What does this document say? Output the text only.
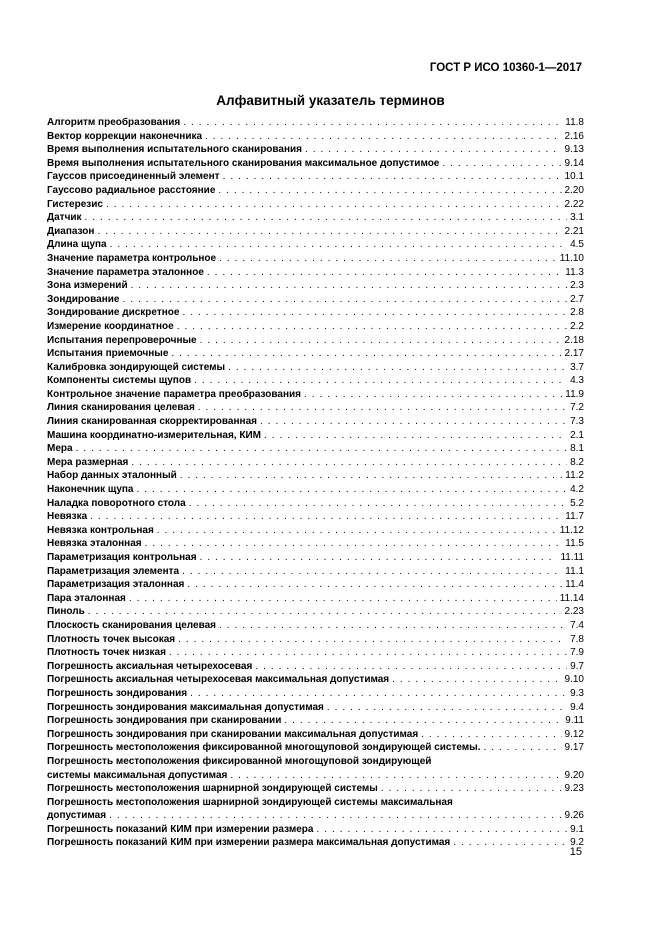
ГОСТ Р ИСО 10360-1—2017
Алфавитный указатель терминов
Алгоритм преобразования . . .	11.8
Вектор коррекции наконечника . . .	2.16
Время выполнения испытательного сканирования . . .	9.13
Время выполнения испытательного сканирования максимальное допустимое . . .	9.14
Гауссов присоединенный элемент . . .	10.1
Гауссово радиальное расстояние . . .	2.20
Гистерезис . . .	2.22
Датчик . . .	3.1
Диапазон . . .	2.21
Длина щупа . . .	4.5
Значение параметра контрольное . . .	11.10
Значение параметра эталонное . . .	11.3
Зона измерений . . .	2.3
Зондирование . . .	2.7
Зондирование дискретное . . .	2.8
Измерение координатное . . .	2.2
Испытания перепроверочные . . .	2.18
Испытания приемочные . . .	2.17
Калибровка зондирующей системы . . .	3.7
Компоненты системы щупов . . .	4.3
Контрольное значение параметра преобразования . . .	11.9
Линия сканирования целевая . . .	7.2
Линия сканированная скорректированная . . .	7.3
Машина координатно-измерительная, КИМ . . .	2.1
Мера . . .	8.1
Мера размерная . . .	8.2
Набор данных эталонный . . .	11.2
Наконечник щупа . . .	4.2
Наладка поворотного стола . . .	5.2
Невязка . . .	11.7
Невязка контрольная . . .	11.12
Невязка эталонная . . .	11.5
Параметризация контрольная . . .	11.11
Параметризация элемента . . .	11.1
Параметризация эталонная . . .	11.4
Пара эталонная . . .	11.14
Пиноль . . .	2.23
Плоскость сканирования целевая . . .	7.4
Плотность точек высокая . . .	7.8
Плотность точек низкая . . .	7.9
Погрешность аксиальная четырехосевая . . .	9.7
Погрешность аксиальная четырехосевая максимальная допустимая . . .	9.10
Погрешность зондирования . . .	9.3
Погрешность зондирования максимальная допустимая . . .	9.4
Погрешность зондирования при сканировании . . .	9.11
Погрешность зондирования при сканировании максимальная допустимая . . .	9.12
Погрешность местоположения фиксированной многощуповой зондирующей системы. . . .	9.17
Погрешность местоположения фиксированной многощуповой зондирующей
системы максимальная допустимая . . .	9.20
Погрешность местоположения шарнирной зондирующей системы . . .	9.23
Погрешность местоположения шарнирной зондирующей системы максимальная
допустимая . . .	9.26
Погрешность показаний КИМ при измерении размера . . .	9.1
Погрешность показаний КИМ при измерении размера максимальная допустимая . . .	9.2
15
